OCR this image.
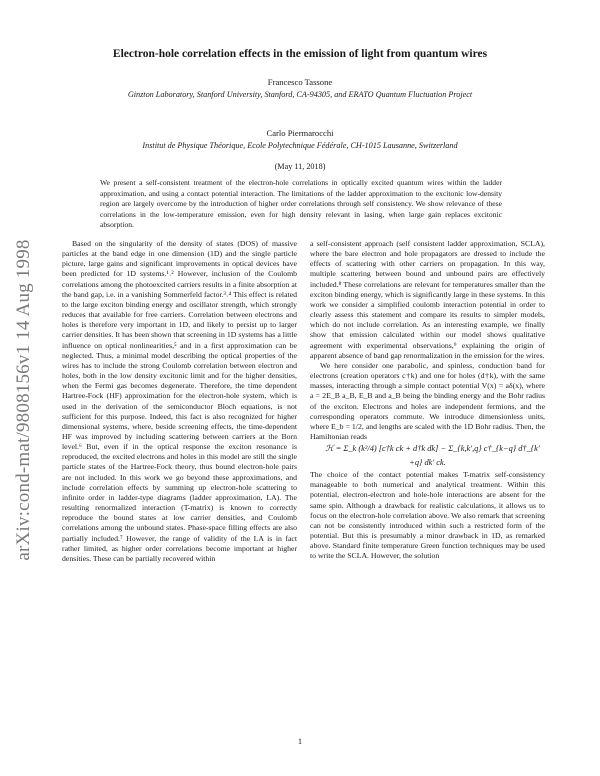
Electron-hole correlation effects in the emission of light from quantum wires

Francesco Tassone

Ginzton Laboratory, Stanford University, Stanford, CA-94305, and ERATO Quantum Fluctuation Project

Carlo Piermarocchi

Institut de Physique Théorique, Ecole Polytechnique Fédérale, CH-1015 Lausanne, Switzerland

(May 11, 2018)

We present a self-consistent treatment of the electron-hole correlations in optically excited quantum wires within the ladder approximation, and using a contact potential interaction. The limitations of the ladder approximation to the excitonic low-density region are largely overcome by the introduction of higher order correlations through self consistency. We show relevance of these correlations in the low-temperature emission, even for high density relevant in lasing, when large gain replaces excitonic absorption.

arXiv:cond-mat/9808156v1 14 Aug 1998	Based on the singularity of the density of states (DOS) of massive particles at the band edge in one dimension (1D) and the single particle picture, large gains and significant improvements in optical devices have been predicted for 1D systems.¹˒² However, inclusion of the Coulomb correlations among the photoexcited carriers results in a finite absorption at the band gap, i.e. in a vanishing Sommerfeld factor.³˒⁴ This effect is related to the large exciton binding energy and oscillator strength, which strongly reduces that available for free carriers. Correlation between electrons and holes is therefore very important in 1D, and likely to persist up to larger carrier densities. It has been shown that screening in 1D systems has a little influence on optical nonlinearities,⁵ and in a first approximation can be neglected. Thus, a minimal model describing the optical properties of the wires has to include the strong Coulomb correlation between electron and holes, both in the low density excitonic limit and for the higher densities, when the Fermi gas becomes degenerate. Therefore, the time dependent Hartree-Fock (HF) approximation for the electron-hole system, which is used in the derivation of the semiconductor Bloch equations, is not sufficient for this purpose. Indeed, this fact is also recognized for higher dimensional systems, where, beside screening effects, the time-dependent HF was improved by including scattering between carriers at the Born level.⁶ But, even if in the optical response the exciton resonance is reproduced, the excited electrons and holes in this model are still the single particle states of the Hartree-Fock theory, thus bound electron-hole pairs are not included. In this work we go beyond these approximations, and include correlation effects by summing up electron-hole scattering to infinite order in ladder-type diagrams (ladder approximation, LA). The resulting renormalized interaction (T-matrix) is known to correctly reproduce the bound states at low carrier densities, and Coulomb correlations among the unbound states. Phase-space filling effects are also partially included.⁷ However, the range of validity of the LA is in fact rather limited, as higher order correlations become important at higher densities. These can be partially recovered within

a self-consistent approach (self consistent ladder approximation, SCLA), where the bare electron and hole propagators are dressed to include the effects of scattering with other carriers on propagation. In this way, multiple scattering between bound and unbound pairs are effectively included.⁸ These correlations are relevant for temperatures smaller than the exciton binding energy, which is significantly large in these systems. In this work we consider a simplified coulomb interaction potential in order to clearly assess this statement and compare its results to simpler models, which do not include correlation. As an interesting example, we finally show that emission calculated within our model shows qualitative agreement with experimental observations,⁹ explaining the origin of apparent absence of band gap renormalization in the emission for the wires.

We here consider one parabolic, and spinless, conduction band for electrons (creation operators c†k) and one for holes (d†k), with the same masses, interacting through a simple contact potential V(x) = aδ(x), where a = 2E_B a_B, E_B and a_B being the binding energy and the Bohr radius of the exciton. Electrons and holes are independent fermions, and the corresponding operators commute. We introduce dimensionless units, where E_b = 1/2, and lengths are scaled with the 1D Bohr radius. Then, the Hamiltonian reads

ℋ = Σ_k (k²/4) [c†k ck + d†k dk] − Σ_{k,k′,q} c†_{k−q} d†_{k′+q} dk′ ck.

The choice of the contact potential makes T-matrix self-consistency manageable to both numerical and analytical treatment. Within this potential, electron-electron and hole-hole interactions are absent for the same spin. Although a drawback for realistic calculations, it allows us to focus on the electron-hole correlation above. We also remark that screening can not be consistently introduced within such a restricted form of the potential. But this is presumably a minor drawback in 1D, as remarked above. Standard finite temperature Green function techniques may be used to write the SCLA. However, the solution

1
